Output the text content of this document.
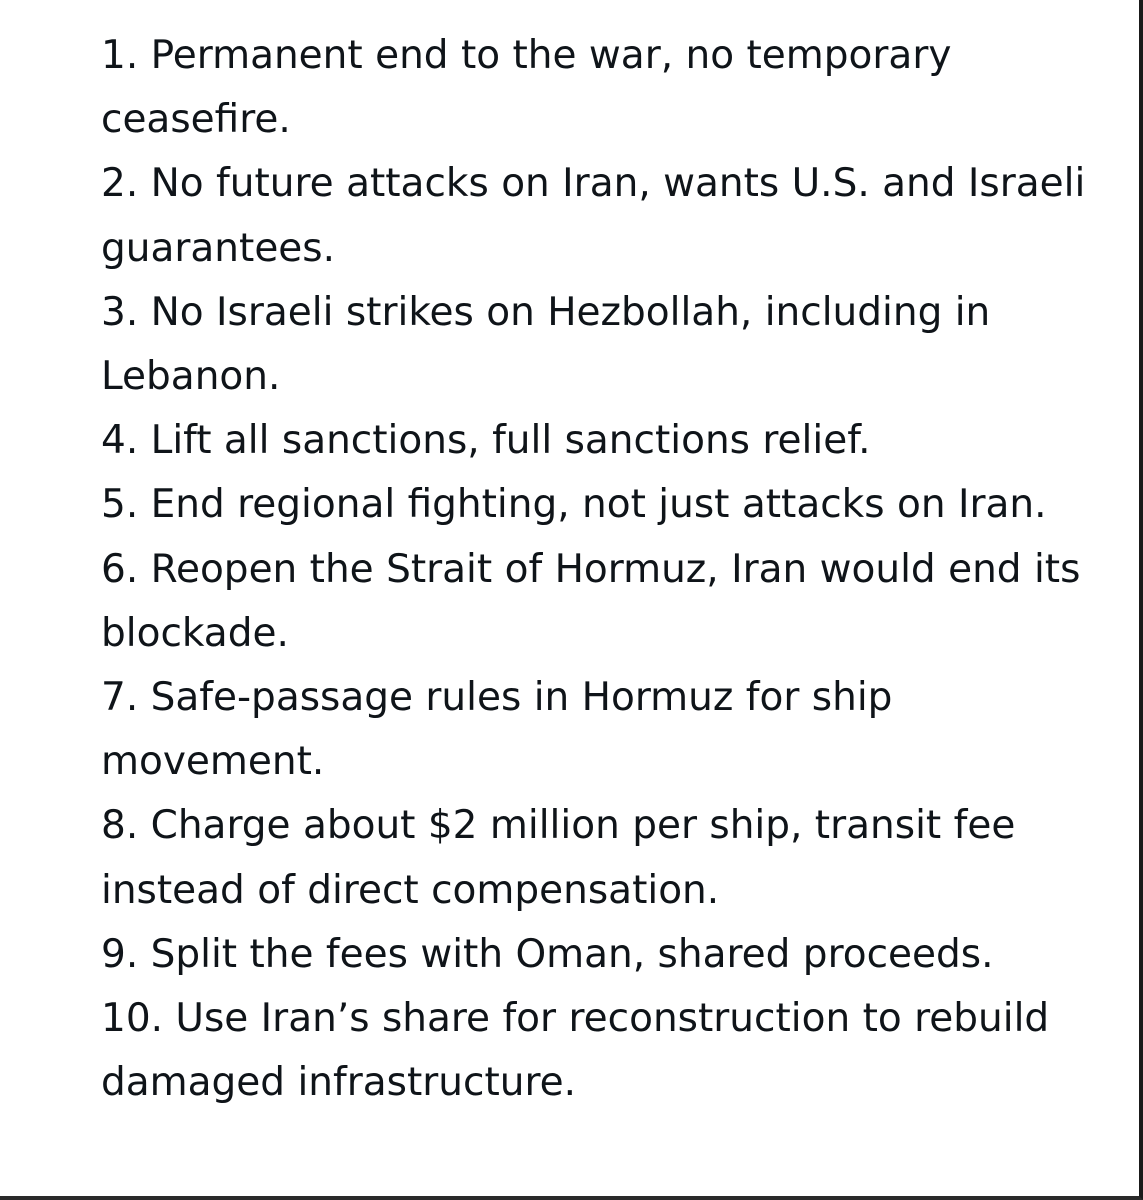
1. Permanent end to the war, no temporary ceasefire.
2. No future attacks on Iran, wants U.S. and Israeli guarantees.
3. No Israeli strikes on Hezbollah, including in Lebanon.
4. Lift all sanctions, full sanctions relief.
5. End regional fighting, not just attacks on Iran.
6. Reopen the Strait of Hormuz, Iran would end its blockade.
7. Safe-passage rules in Hormuz for ship movement.
8. Charge about $2 million per ship, transit fee instead of direct compensation.
9. Split the fees with Oman, shared proceeds.
10. Use Iran’s share for reconstruction to rebuild damaged infrastructure.
